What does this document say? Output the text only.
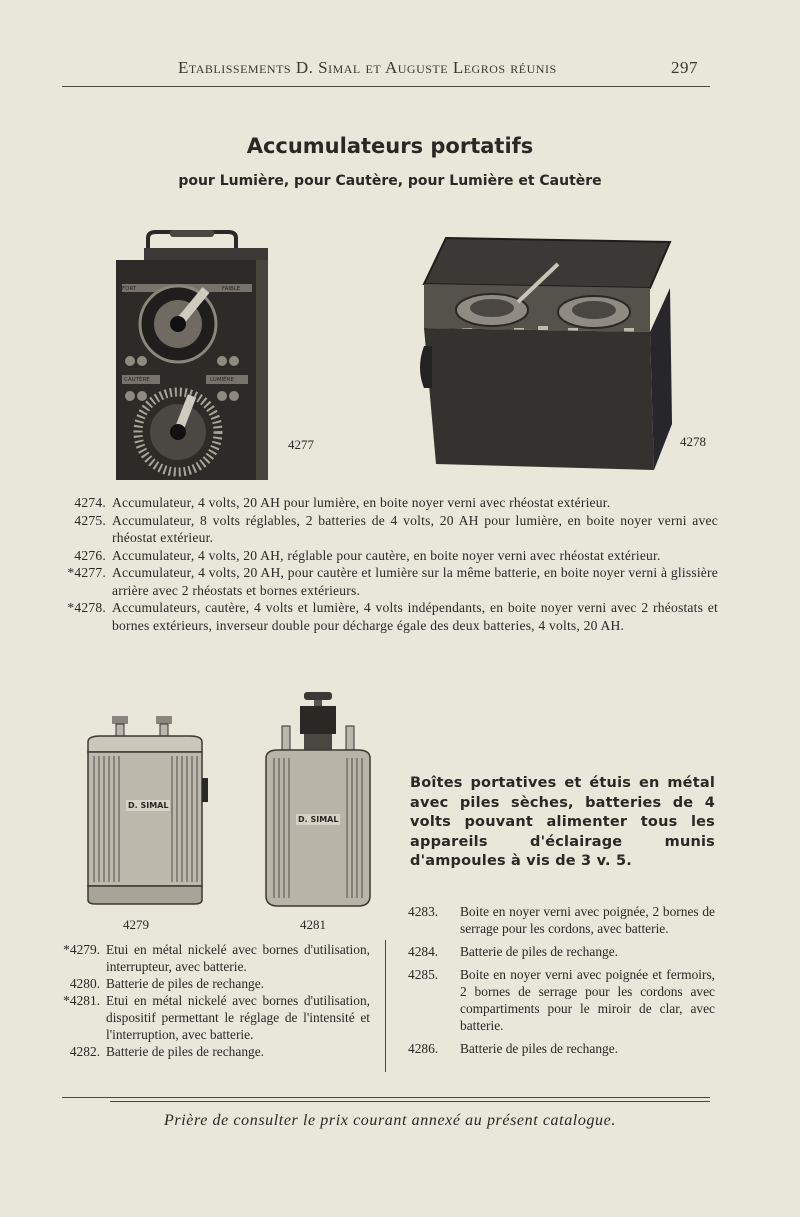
Etablissements D. Simal et Auguste Legros réunis	297
Accumulateurs portatifs
pour Lumière, pour Cautère, pour Lumière et Cautère
FORT	FAIBLE
CAUTÈRE	LUMIÈRE
4277	4278
4274. Accumulateur, 4 volts, 20 AH pour lumière, en boite noyer verni avec rhéostat extérieur.
4275. Accumulateur, 8 volts réglables, 2 batteries de 4 volts, 20 AH pour lumière, en boite noyer verni avec rhéostat extérieur.
4276. Accumulateur, 4 volts, 20 AH, réglable pour cautère, en boite noyer verni avec rhéostat extérieur.
*4277. Accumulateur, 4 volts, 20 AH, pour cautère et lumière sur la même batterie, en boite noyer verni à glissière arrière avec 2 rhéostats et bornes extérieurs.
*4278. Accumulateurs, cautère, 4 volts et lumière, 4 volts indépendants, en boite noyer verni avec 2 rhéostats et bornes extérieurs, inverseur double pour décharge égale des deux batteries, 4 volts, 20 AH.
D. SIMAL
4279
D. SIMAL
4281
Boîtes portatives et étuis en métal avec piles sèches, batteries de 4 volts pouvant alimenter tous les appareils d'éclairage munis d'ampoules à vis de 3 v. 5.
*4279. Etui en métal nickelé avec bornes d'utilisation, interrupteur, avec batterie.
4280. Batterie de piles de rechange.
*4281. Etui en métal nickelé avec bornes d'utilisation, dispositif permettant le réglage de l'intensité et l'interruption, avec batterie.
4282. Batterie de piles de rechange.
4283.	Boite en noyer verni avec poignée, 2 bornes de serrage pour les cordons, avec batterie.
4284.	Batterie de piles de rechange.
4285.	Boite en noyer verni avec poignée et fermoirs, 2 bornes de serrage pour les cordons avec compartiments pour le miroir de clar, avec batterie.
4286.	Batterie de piles de rechange.
Prière de consulter le prix courant annexé au présent catalogue.
